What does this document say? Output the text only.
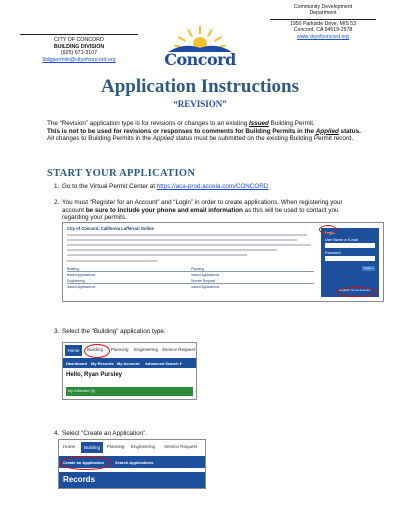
CITY OF CONCORD
BUILDING DIVISION
(925) 671-3107
bldgpermits@cityofconcord.org	Concord
Community Development
Department
1950 Parkside Drive, M/S 53
Concord, CA 94519-2578
www.cityofconcord.org
Application Instructions
“REVISION”
The “Revision” application type is for revisions or changes to an existing Issued Building Permit.
This is not to be used for revisions or responses to comments for Building Permits in the Applied status. All changes to Building Permits in the Applied status must be submitted on the existing Building Permit record.
START YOUR APPLICATION
1. Go to the Virtual Permit Center at https://aca-prod.accela.com/CONCORD
2. You must “Register for an Account” and “Login” in order to create applications. When registering your account be sure to include your phone and email information as this will be used to contact you regarding your permits.
City of Concord, California Lafferrari Online
Building	Planning
Issued Applications	Issued Applications
Engineering	Service Request
Issued Applications	Issued Applications
Login
User Name or E-mail:
Password:
Login »
Register for an Account
3. Select the “Building” application type.
Home	Building Planning Engineering Service Request
Dashboard My Records My Account Advanced Search ▾
Hello, Ryan Pursley
My Collection (0)
4. Select “Create an Application”.
Home	Building	Planning Engineering Service Request
Create an Application	Search Applications
Records
